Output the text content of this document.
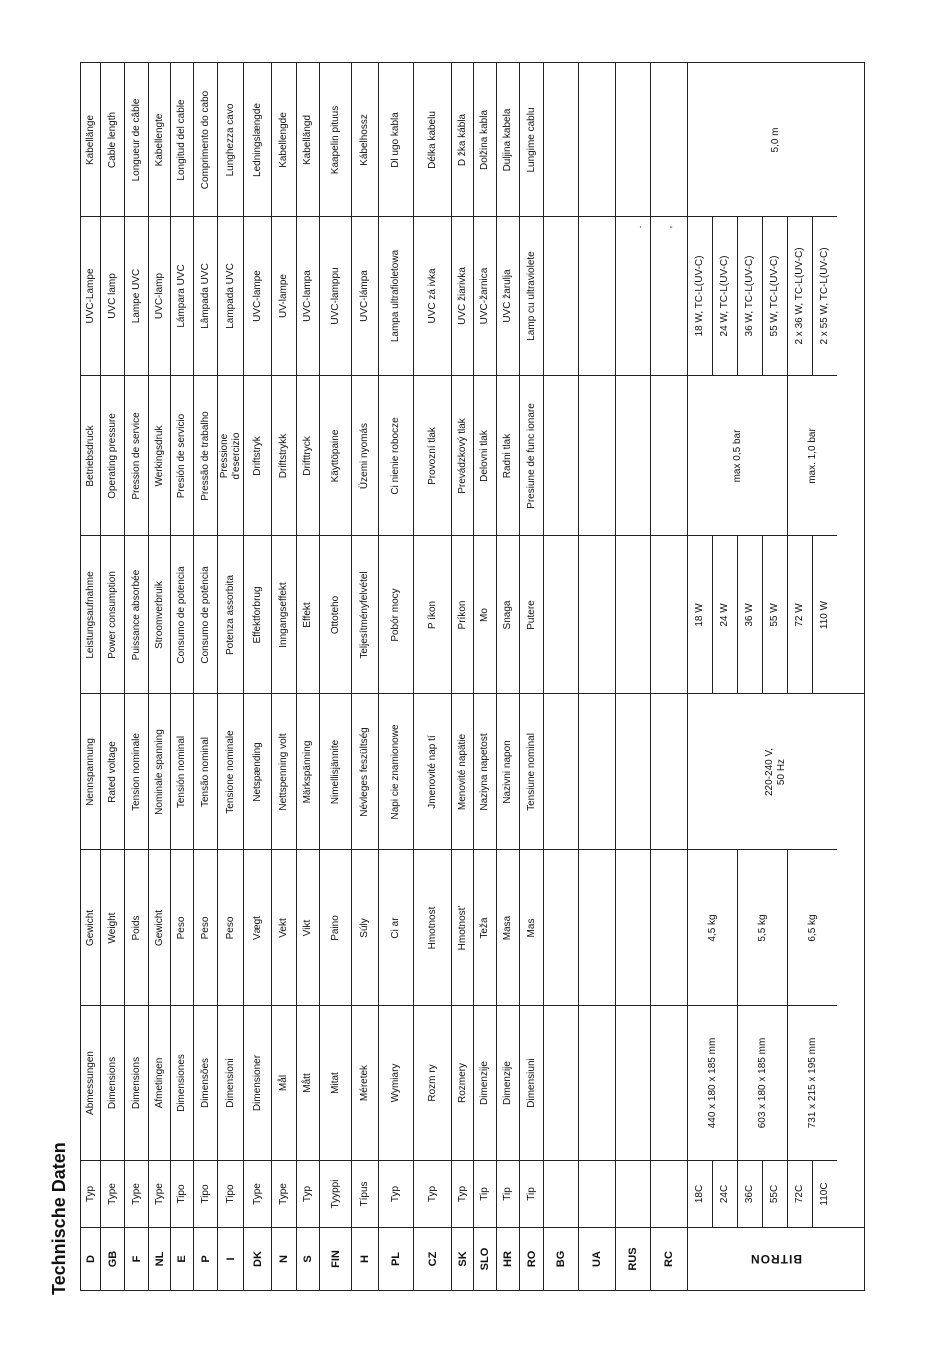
Technische Daten
Kabellänge
UVC-Lampe
Betriebsdruck
Leistungsaufnahme
Nennspannung
Gewicht
Abmessungen
Typ
D
Cable length
UVC lamp
Operating pressure
Power consumption
Rated voltage
Weight
Dimensions
Type
GB
Longueur de câble
Lampe UVC
Pression de service
Puissance absorbée
Tension nominale
Poids
Dimensions
Type
F
Kabellengte
UVC-lamp
Werkingsdruk
Stroomverbruik
Nominale spanning
Gewicht
Afmetingen
Type
NL
Longitud del cable
Lámpara UVC
Presión de servicio
Consumo de potencia
Tensión nominal
Peso
Dimensiones
Tipo
E
Comprimento do cabo
Lâmpada UVC
Pressão de trabalho
Consumo de potência
Tensão nominal
Peso
Dimensões
Tipo
P
Lunghezza cavo
Lampada UVC
Pressione d'esercizio
Potenza assorbita
Tensione nominale
Peso
Dimensioni
Tipo
I
Ledningslængde
UVC-lampe
Driftstryk
Effektforbrug
Netspænding
Vægt
Dimensioner
Type
DK
Kabellengde
UV-lampe
Driftstrykk
Inngangseffekt
Nettspenning volt
Vekt
Mål
Type
N
Kabellängd
UVC-lampa
Drifttryck
Effekt
Märkspänning
Vikt
Mått
Typ
S
Kaapelin pituus
UVC-lamppu
Käyttöpaine
Ottoteho
Nimellisjännite
Paino
Mitat
Tyyppi
FIN
Kábelhossz
UVC-lámpa
Üzemi nyomás
Teljesítményfelvétel
Névleges feszültség
Súly
Méretek
Típus
H
Dl ugo kabla
Lampa ultrafioletowa
Ci nienie robocze
Pobór mocy
Napi cie znamionowe
Ci ar
Wymiary
Typ
PL
Délka kabelu
UVC zá ivka
Provozní tlak
P íkon
Jmenovité nap tí
Hmotnost
Rozm ry
Typ
CZ
D žka kábla
UVC žiarivka
Prevádzkový tlak
Príkon
Menovité napätie
Hmotnost'
Rozmery
Typ
SK
Dolžina kabla
UVC-žarnica
Delovni tlak
Mo
Naziyna napetost
Teža
Dimenzije
Tip
SLO
Duljina kabela
UVC žarulja
Radni tlak
Snaga
Nazivni napon
Masa
Dimenzije
Tip
HR
Lungime cablu
Lamp cu ultraviolete
Presiune de func ionare
Putere
Tensiune nominal
Mas
Dimensiuni
Tip
RO BG UA
.
RUS
'
RC	BITRON
18C 24C 36C 55C 72C 110C
440 x 180 x 185 mm
4,5 kg
603 x 180 x 185 mm
5,5 kg
731 x 215 x 195 mm
6,5 kg
220-240 V, 50 Hz
18 W 24 W 36 W 55 W 72 W 110 W
max 0,5 bar	max. 1,0 bar
18 W, TC-L(UV-C) 24 W, TC-L(UV-C) 36 W, TC-L(UV-C) 55 W, TC-L(UV-C) 2 x 36 W, TC-L(UV-C) 2 x 55 W, TC-L(UV-C)
5,0 m
